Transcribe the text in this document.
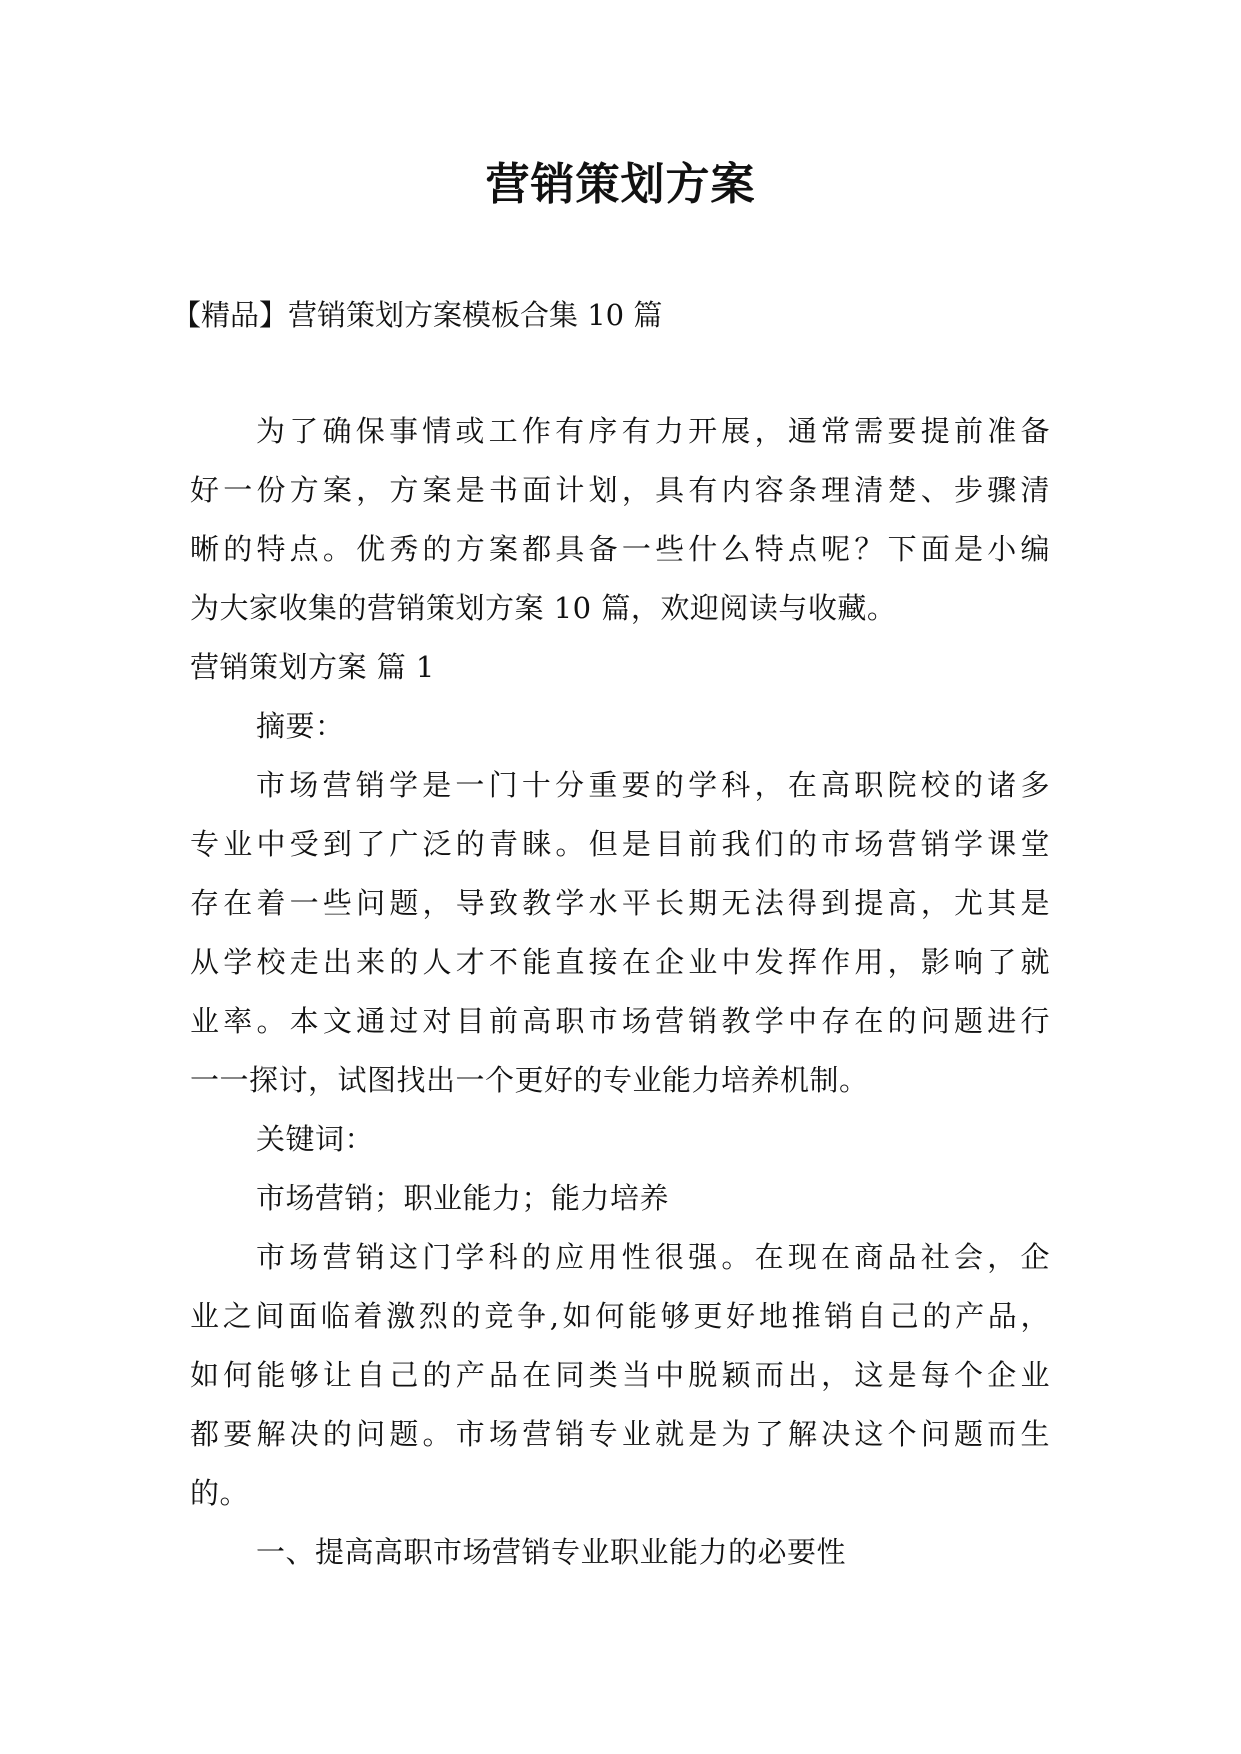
营销策划方案
【精品】营销策划方案模板合集 10 篇
为了确保事情或工作有序有力开展，通常需要提前准备
好一份方案，方案是书面计划，具有内容条理清楚、步骤清
晰的特点。优秀的方案都具备一些什么特点呢？下面是小编
为大家收集的营销策划方案 10 篇，欢迎阅读与收藏。
营销策划方案 篇 1
摘要：
市场营销学是一门十分重要的学科，在高职院校的诸多
专业中受到了广泛的青睐。但是目前我们的市场营销学课堂
存在着一些问题，导致教学水平长期无法得到提高，尤其是
从学校走出来的人才不能直接在企业中发挥作用，影响了就
业率。本文通过对目前高职市场营销教学中存在的问题进行
一一探讨，试图找出一个更好的专业能力培养机制。
关键词：
市场营销；职业能力；能力培养
市场营销这门学科的应用性很强。在现在商品社会，企
业之间面临着激烈的竞争,如何能够更好地推销自己的产品，
如何能够让自己的产品在同类当中脱颖而出，这是每个企业
都要解决的问题。市场营销专业就是为了解决这个问题而生
的。
一、提高高职市场营销专业职业能力的必要性
